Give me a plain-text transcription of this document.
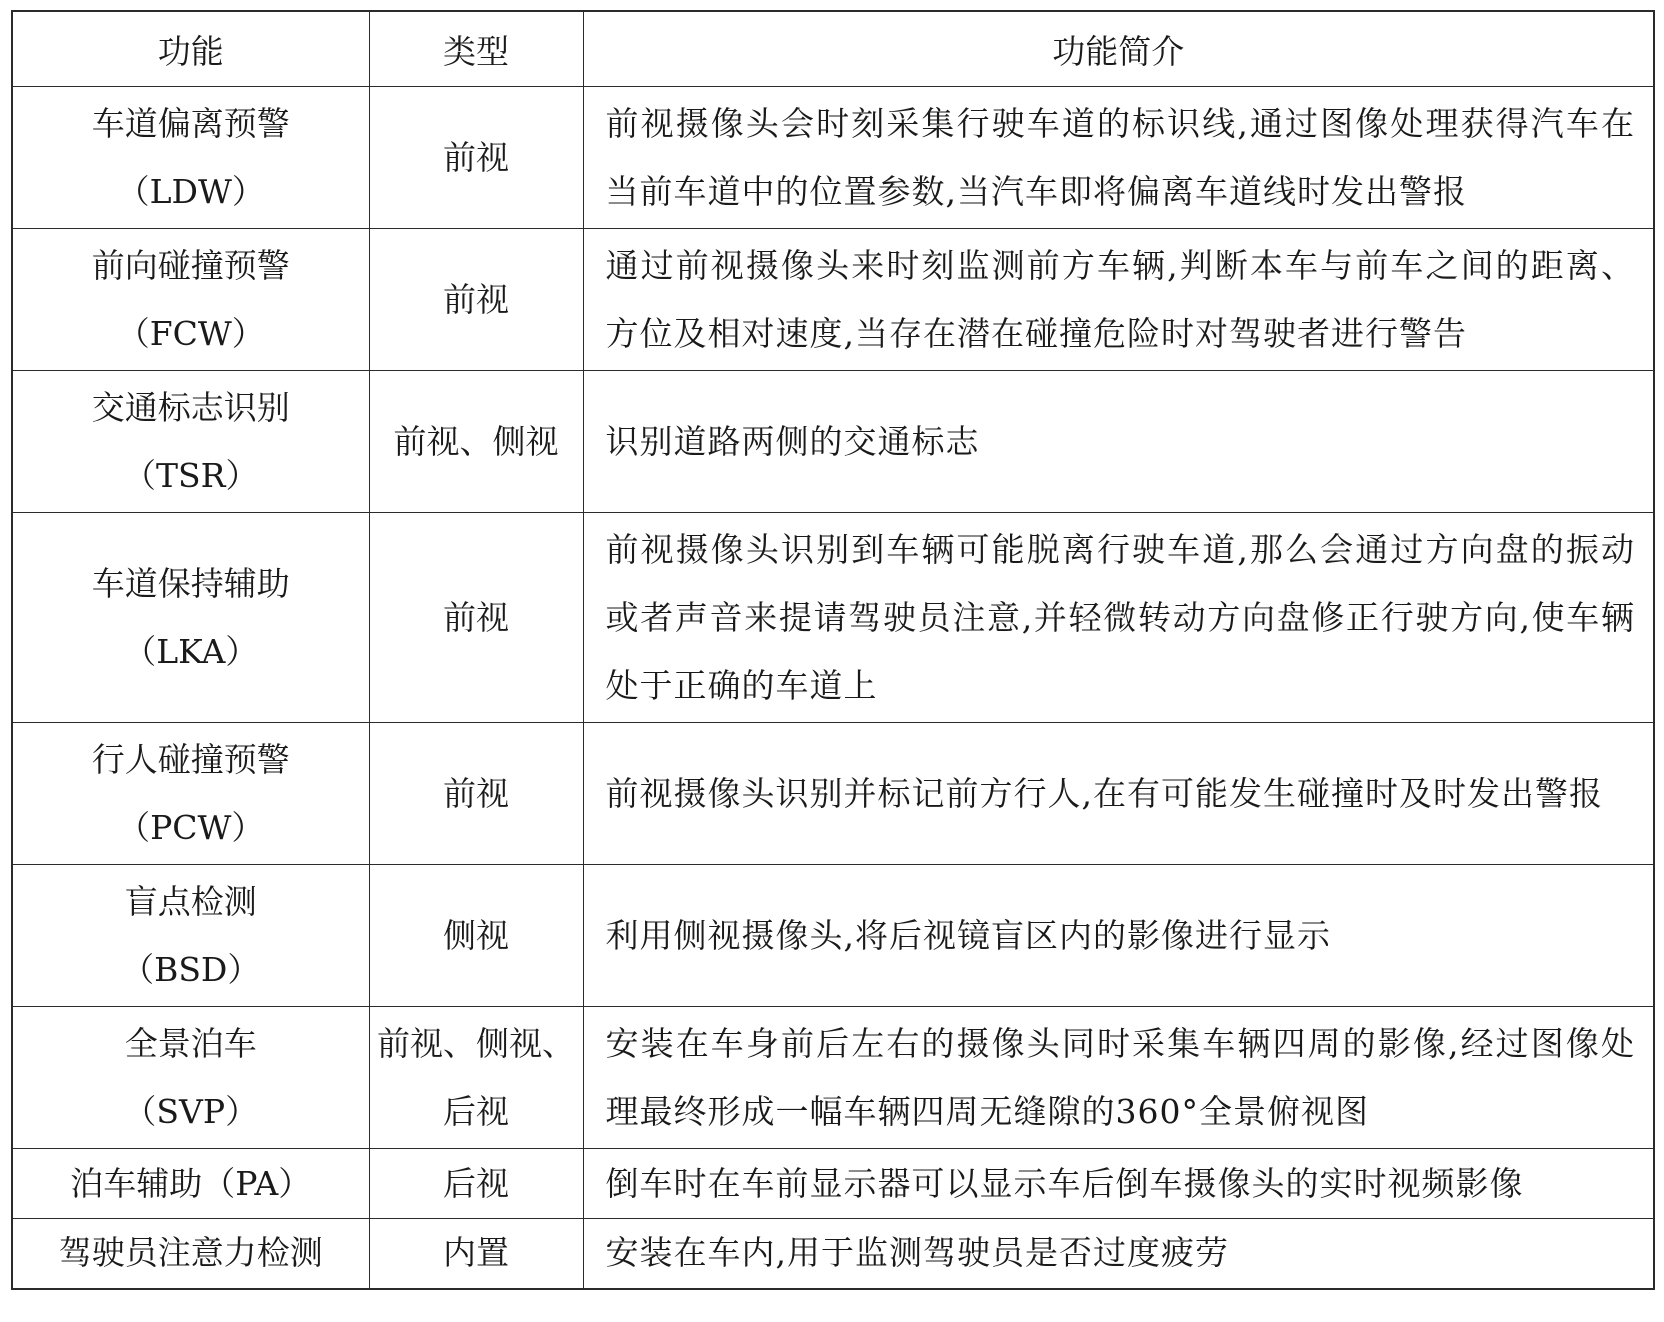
功能	类型	功能简介

车道偏离预警
（LDW）	前视	前视摄像头会时刻采集行驶车道的标识线,通过图像处理获得汽车在当前车道中的位置参数,当汽车即将偏离车道线时发出警报

前向碰撞预警
（FCW）	前视	通过前视摄像头来时刻监测前方车辆,判断本车与前车之间的距离、方位及相对速度,当存在潜在碰撞危险时对驾驶者进行警告

交通标志识别
（TSR）	前视、侧视	识别道路两侧的交通标志

车道保持辅助
（LKA）	前视	前视摄像头识别到车辆可能脱离行驶车道,那么会通过方向盘的振动或者声音来提请驾驶员注意,并轻微转动方向盘修正行驶方向,使车辆处于正确的车道上

行人碰撞预警
（PCW）	前视	前视摄像头识别并标记前方行人,在有可能发生碰撞时及时发出警报

盲点检测
（BSD）	侧视	利用侧视摄像头,将后视镜盲区内的影像进行显示

全景泊车
（SVP）	前视、侧视、后视	安装在车身前后左右的摄像头同时采集车辆四周的影像,经过图像处理最终形成一幅车辆四周无缝隙的360°全景俯视图

泊车辅助（PA）	后视	倒车时在车前显示器可以显示车后倒车摄像头的实时视频影像

驾驶员注意力检测	内置	安装在车内,用于监测驾驶员是否过度疲劳
